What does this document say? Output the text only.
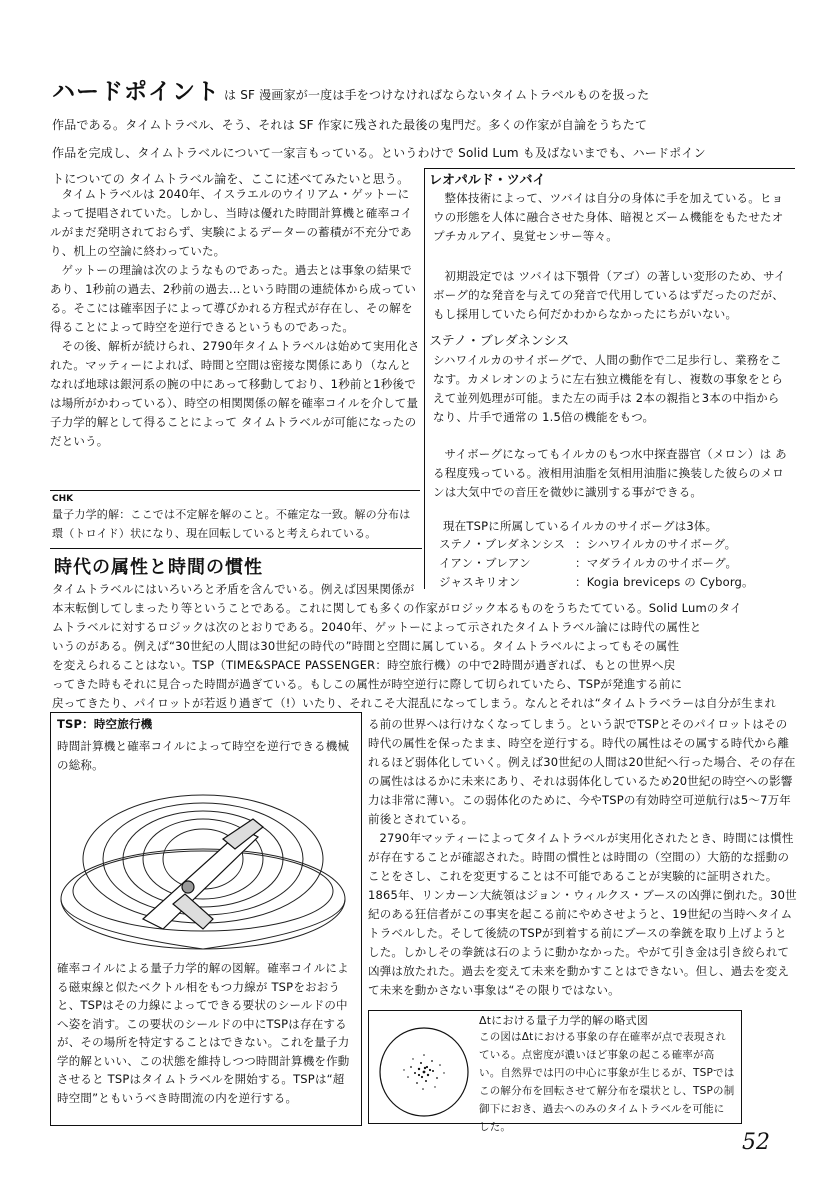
ハードポイント は SF 漫画家が一度は手をつけなければならないタイムトラベルものを扱った
作品である。タイムトラベル、そう、それは SF 作家に残された最後の鬼門だ。多くの作家が自論をうちたて
作品を完成し、タイムトラベルについて一家言もっている。というわけで Solid Lum も及ばないまでも、ハードポイン
トについての タイムトラベル論を、ここに述べてみたいと思う。

タイムトラベルは 2040年、イスラエルのウイリアム・ゲットーによって提唱されていた。しかし、当時は優れた時間計算機と確率コイルがまだ発明されておらず、実験によるデーターの蓄積が不充分であり、机上の空論に終わっていた。

ゲットーの理論は次のようなものであった。過去とは事象の結果であり、1秒前の過去、2秒前の過去…という時間の連続体から成っている。そこには確率因子によって導びかれる方程式が存在し、その解を得ることによって時空を逆行できるというものであった。

その後、解析が続けられ、2790年タイムトラベルは始めて実用化された。マッティーによれば、時間と空間は密接な関係にあり（なんとなれば地球は銀河系の腕の中にあって移動しており、1秒前と1秒後では場所がかわっている）、時空の相関関係の解を確率コイルを介して量子力学的解として得ることによって タイムトラベルが可能になったのだという。

CHK
量子力学的解：ここでは不定解を解のこと。不確定な一致。解の分布は環（トロイド）状になり、現在回転していると考えられている。
レオパルド・ツバイ

整体技術によって、ツバイは自分の身体に手を加えている。ヒョウの形態を人体に融合させた身体、暗視とズーム機能をもたせたオプチカルアイ、臭覚センサー等々。

初期設定では ツバイは下顎骨（アゴ）の著しい変形のため、サイボーグ的な発音を与えての発音で代用しているはずだったのだが、もし採用していたら何だかわからなかったにちがいない。

ステノ・ブレダネンシス

シハワイルカのサイボーグで、人間の動作で二足歩行し、業務をこなす。カメレオンのように左右独立機能を有し、複数の事象をとらえて並列処理が可能。また左の両手は 2本の親指と3本の中指からなり、片手で通常の 1.5倍の機能をもつ。

サイボーグになってもイルカのもつ水中探査器官（メロン）は ある程度残っている。液相用油脂を気相用油脂に換装した彼らのメロンは大気中での音圧を微妙に識別する事ができる。

現在TSPに所属しているイルカのサイボーグは3体。
ステノ・ブレダネンシス ：シハワイルカのサイボーグ。
イアン・ブレアン	：マダライルカのサイボーグ。
ジャスキリオン	：Kogia breviceps の Cyborg。
時代の属性と時間の慣性
タイムトラベルにはいろいろと矛盾を含んでいる。例えば因果関係が
本末転倒してしまったり等ということである。これに関しても多くの作家がロジック本るものをうちたてている。Solid Lumのタイ
ムトラベルに対するロジックは次のとおりである。2040年、ゲットーによって示されたタイムトラベル論には時代の属性と
いうのがある。例えば“30世紀の人間は30世紀の時代の”時間と空間に属している。タイムトラベルによってもその属性
を変えられることはない。TSP（TIME&SPACE PASSENGER：時空旅行機）の中で2時間が過ぎれば、もとの世界へ戻
ってきた時もそれに見合った時間が過ぎている。もしこの属性が時空逆行に際して切られていたら、TSPが発進する前に
戻ってきたり、パイロットが若返り過ぎて（!）いたり、それこそ大混乱になってしまう。なんとそれは“タイムトラベラーは自分が生まれ

る前の世界へは行けなくなってしまう。という訳でTSPとそのパイロットはその時代の属性を保ったまま、時空を逆行する。時代の属性はその属する時代から離れるほど弱体化していく。例えば30世紀の人間は20世紀へ行った場合、その存在の属性ははるかに未来にあり、それは弱体化しているため20世紀の時空への影響力は非常に薄い。この弱体化のために、今やTSPの有効時空可逆航行は5～7万年前後とされている。

2790年マッティーによってタイムトラベルが実用化されたとき、時間には慣性が存在することが確認された。時間の慣性とは時間の（空間の）大筋的な揺動のことをさし、これを変更することは不可能であることが実験的に証明された。1865年、リンカーン大統領はジョン・ウィルクス・ブースの凶弾に倒れた。30世紀のある狂信者がこの事実を起こる前にやめさせようと、19世紀の当時へタイムトラベルした。そして後続のTSPが到着する前にブースの拳銃を取り上げようとした。しかしその拳銃は石のように動かなかった。やがて引き金は引き絞られて凶弾は放たれた。過去を変えて未来を動かすことはできない。但し、過去を変えて未来を動かさない事象は“その限りではない。

TSP：時空旅行機
時間計算機と確率コイルによって時空を逆行できる機械の総称。
確率コイルによる量子力学的解の図解。確率コイルによる磁束線と似たベクトル相をもつ力線が TSPをおおうと、TSPはその力線によってできる要状のシールドの中へ姿を消す。この要状のシールドの中にTSPは存在するが、その場所を特定することはできない。これを量子力学的解といい、この状態を維持しつつ時間計算機を作動させると TSPはタイムトラベルを開始する。TSPは“超時空間”ともいうべき時間流の内を逆行する。
Δtにおける量子力学的解の略式図
この図はΔtにおける事象の存在確率が点で表現されている。点密度が濃いほど事象の起こる確率が高い。自然界では円の中心に事象が生じるが、TSPではこの解分布を回転させて解分布を環状とし、TSPの制御下におき、過去へのみのタイムトラベルを可能にした。
52
